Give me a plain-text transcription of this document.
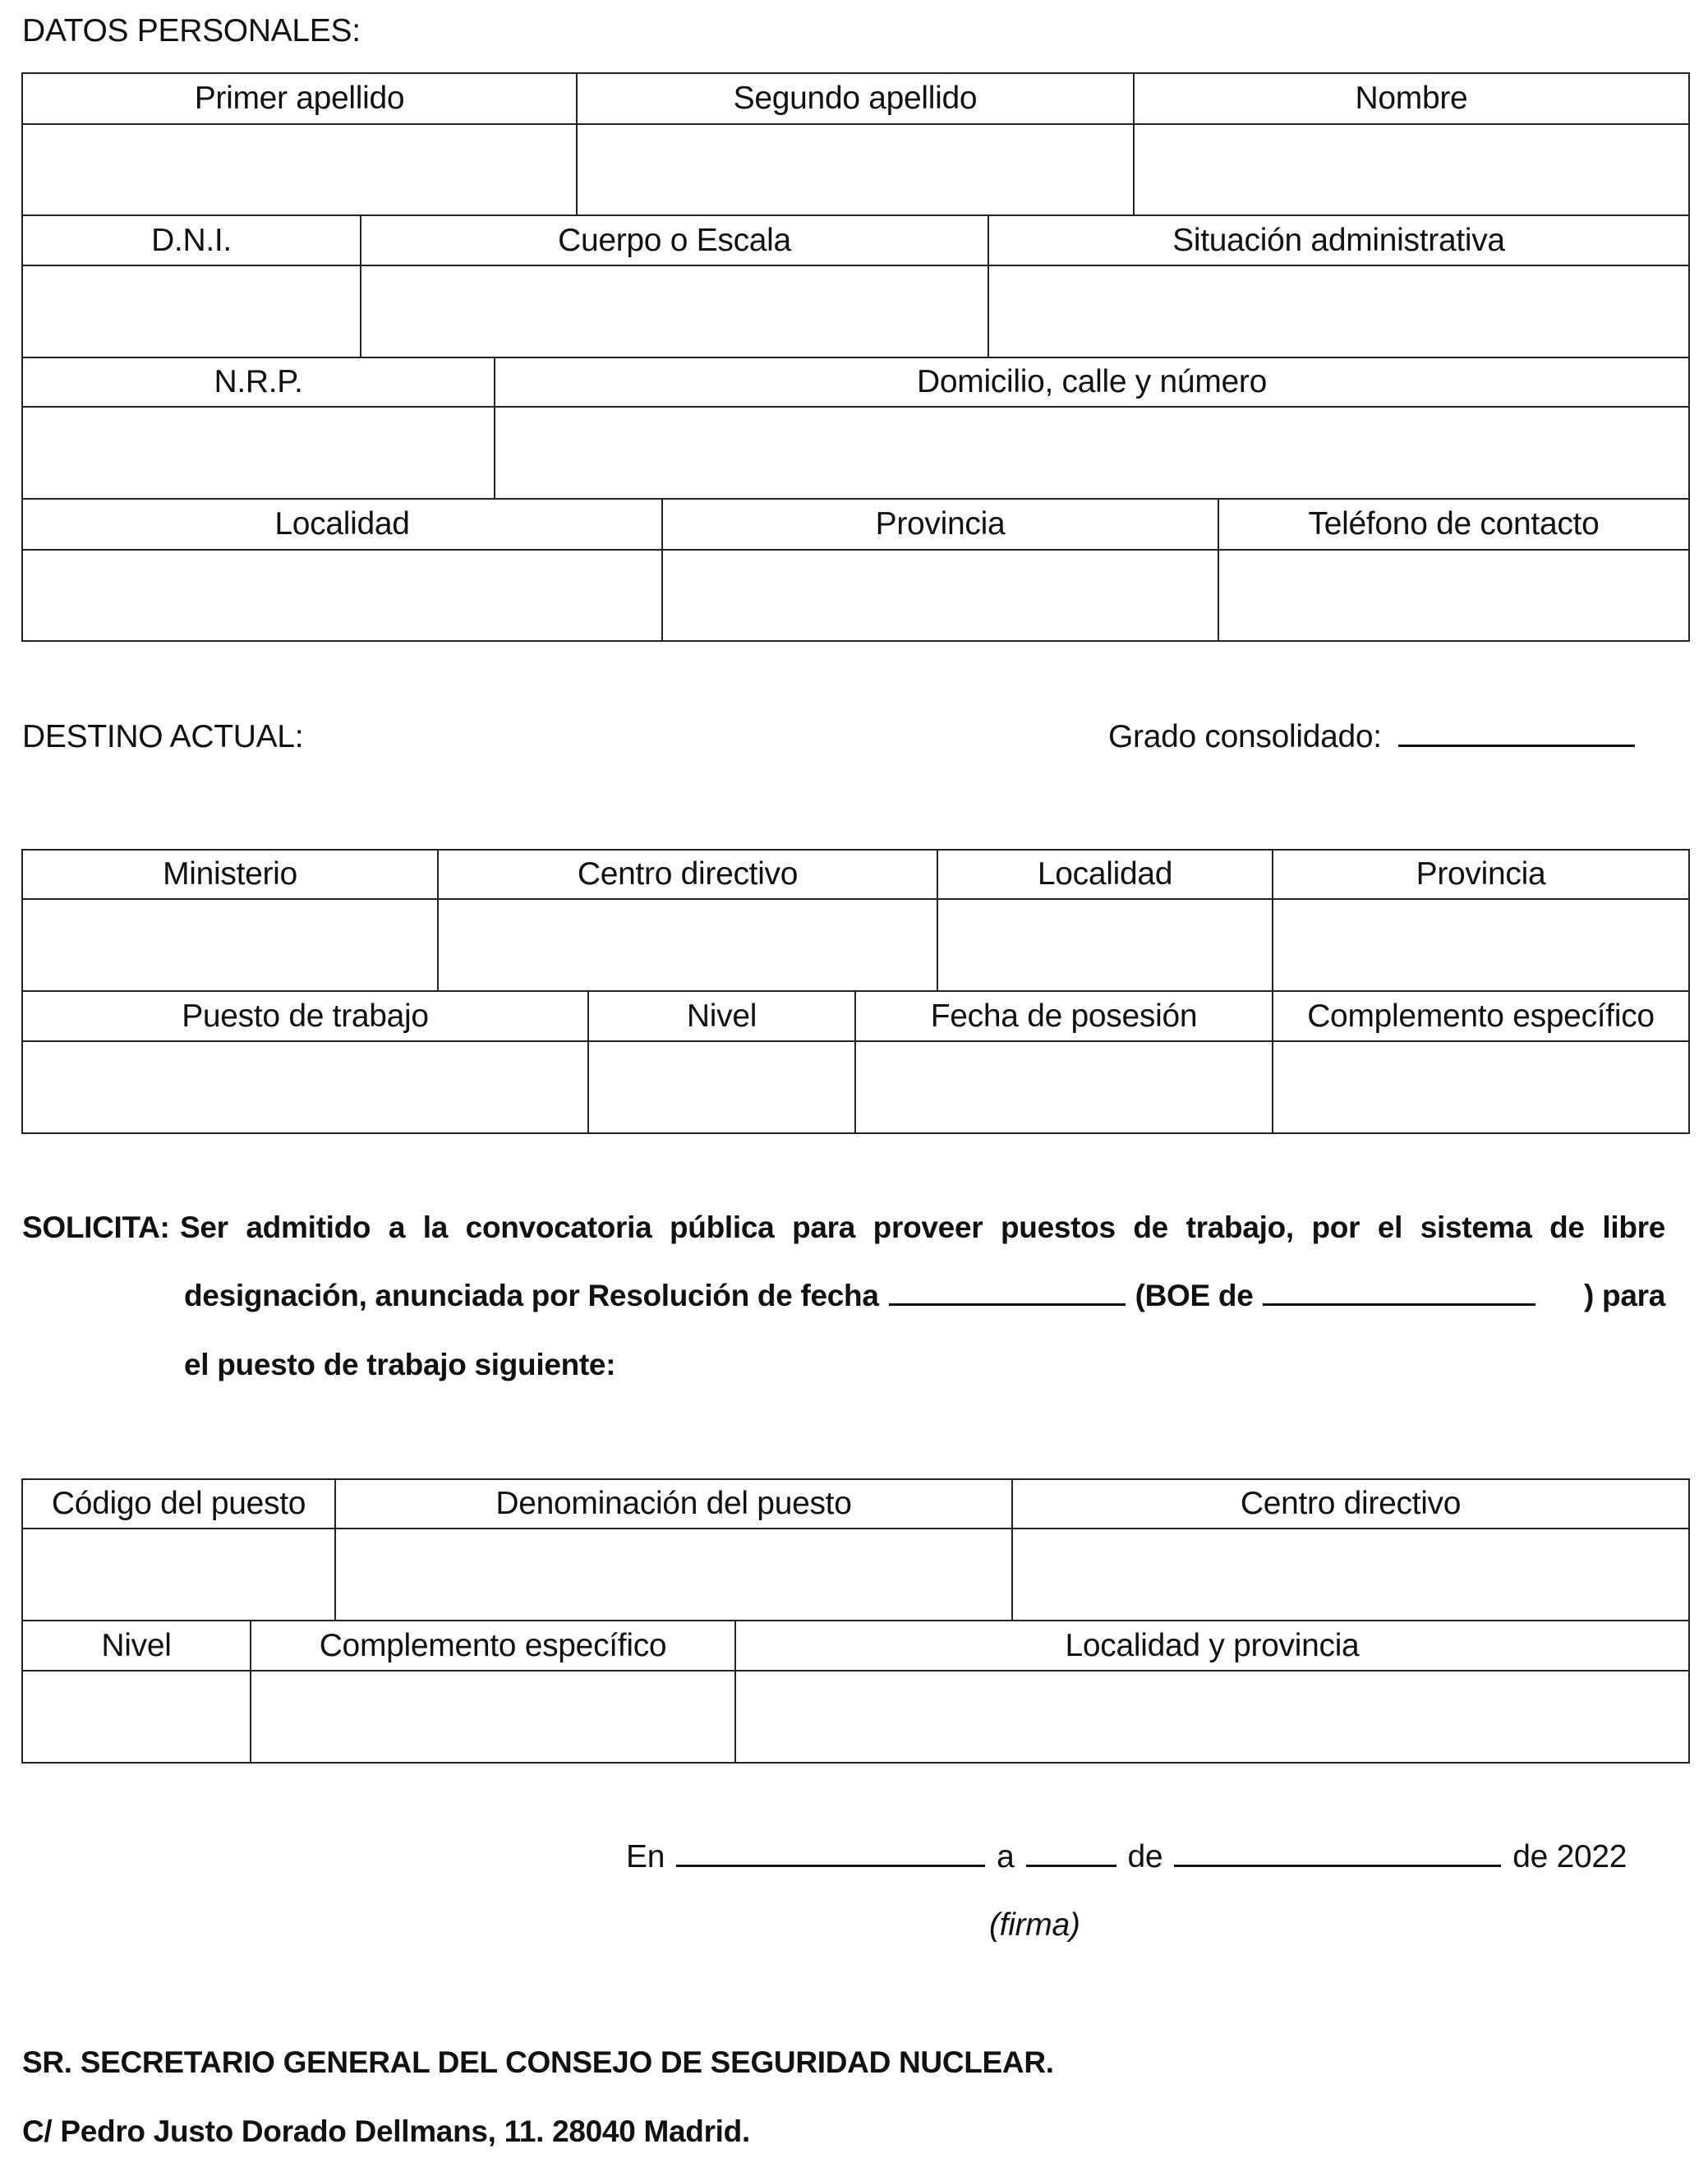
DATOS PERSONALES:
Primer apellido	Segundo apellido	Nombre
D.N.I.	Cuerpo o Escala	Situación administrativa
N.R.P.	Domicilio, calle y número
Localidad	Provincia	Teléfono de contacto
DESTINO ACTUAL:	Grado consolidado:
Ministerio	Centro directivo	Localidad	Provincia
Puesto de trabajo	Nivel	Fecha de posesión	Complemento específico
SOLICITA: Ser admitido a la convocatoria pública para proveer puestos de trabajo, por el sistema de libre
designación, anunciada por Resolución de fecha	(BOE de	) para
el puesto de trabajo siguiente:
Código del puesto	Denominación del puesto	Centro directivo
Nivel	Complemento específico	Localidad y provincia
En	a	de	de 2022
(firma)
SR. SECRETARIO GENERAL DEL CONSEJO DE SEGURIDAD NUCLEAR.
C/ Pedro Justo Dorado Dellmans, 11. 28040 Madrid.
